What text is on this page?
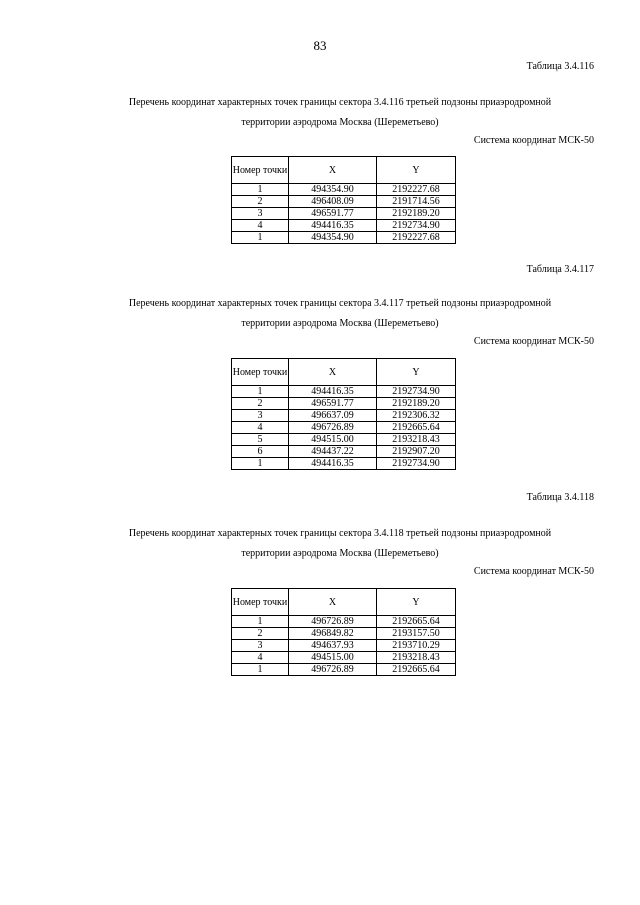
83
Таблица 3.4.116
Перечень координат характерных точек границы сектора 3.4.116 третьей подзоны приаэродромной
территории аэродрома Москва (Шереметьево)
Система координат МСК-50
Номер точки	X	Y
1	494354.90	2192227.68
2	496408.09	2191714.56
3	496591.77	2192189.20
4	494416.35	2192734.90
1	494354.90	2192227.68
Таблица 3.4.117
Перечень координат характерных точек границы сектора 3.4.117 третьей подзоны приаэродромной
территории аэродрома Москва (Шереметьево)
Система координат МСК-50
Номер точки	X	Y
1	494416.35	2192734.90
2	496591.77	2192189.20
3	496637.09	2192306.32
4	496726.89	2192665.64
5	494515.00	2193218.43
6	494437.22	2192907.20
1	494416.35	2192734.90
Таблица 3.4.118
Перечень координат характерных точек границы сектора 3.4.118 третьей подзоны приаэродромной
территории аэродрома Москва (Шереметьево)
Система координат МСК-50
Номер точки	X	Y
1	496726.89	2192665.64
2	496849.82	2193157.50
3	494637.93	2193710.29
4	494515.00	2193218.43
1	496726.89	2192665.64
